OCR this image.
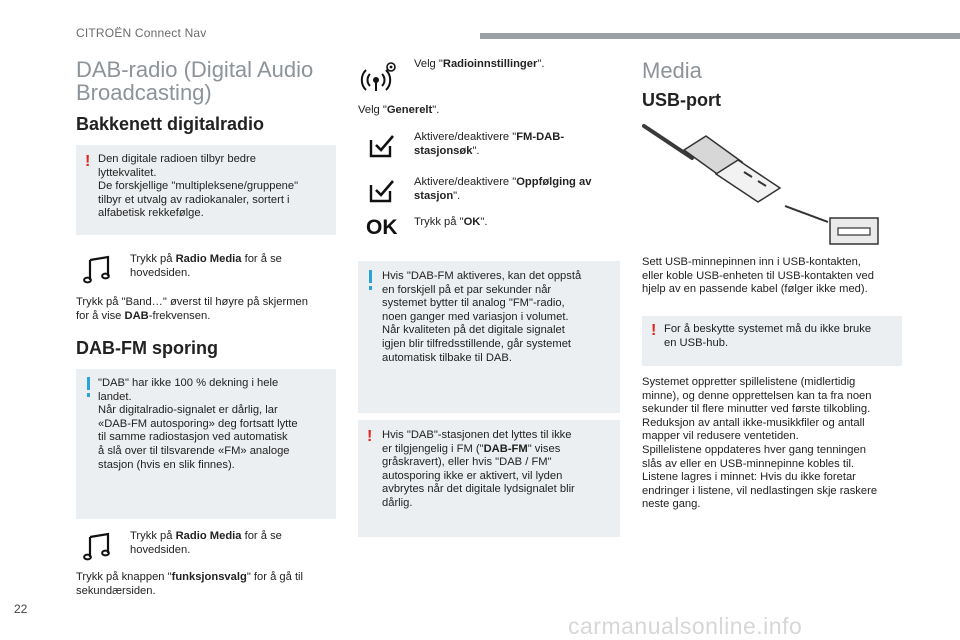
CITROËN Connect Nav
DAB-radio (Digital Audio
Broadcasting)
Bakkenett digitalradio
! Den digitale radioen tilbyr bedre
lyttekvalitet.
De forskjellige "multipleksene/gruppene"
tilbyr et utvalg av radiokanaler, sortert i
alfabetisk rekkefølge.
Trykk på Radio Media for å se
hovedsiden.
Trykk på "Band…" øverst til høyre på skjermen
for å vise DAB-frekvensen.
DAB-FM sporing
"DAB" har ikke 100 % dekning i hele
landet.
Når digitalradio-signalet er dårlig, lar
«DAB-FM autosporing» deg fortsatt lytte
til samme radiostasjon ved automatisk
å slå over til tilsvarende «FM» analoge
stasjon (hvis en slik finnes).
Trykk på Radio Media for å se
hovedsiden.
Trykk på knappen "funksjonsvalg" for å gå til
sekundærsiden.
Velg "Radioinnstillinger".
Velg "Generelt".
Aktivere/deaktivere "FM-DAB-
stasjonsøk".
Aktivere/deaktivere "Oppfølging av
stasjon".
OK Trykk på "OK".
Hvis "DAB-FM aktiveres, kan det oppstå
en forskjell på et par sekunder når
systemet bytter til analog "FM"-radio,
noen ganger med variasjon i volumet.
Når kvaliteten på det digitale signalet
igjen blir tilfredsstillende, går systemet
automatisk tilbake til DAB.
! Hvis "DAB"-stasjonen det lyttes til ikke
er tilgjengelig i FM ("DAB-FM" vises
gråskravert), eller hvis "DAB / FM"
autosporing ikke er aktivert, vil lyden
avbrytes når det digitale lydsignalet blir
dårlig.
Media
USB-port
Sett USB-minnepinnen inn i USB-kontakten,
eller koble USB-enheten til USB-kontakten ved
hjelp av en passende kabel (følger ikke med).
! For å beskytte systemet må du ikke bruke
en USB-hub.
Systemet oppretter spillelistene (midlertidig
minne), og denne opprettelsen kan ta fra noen
sekunder til flere minutter ved første tilkobling.
Reduksjon av antall ikke-musikkfiler og antall
mapper vil redusere ventetiden.
Spillelistene oppdateres hver gang tenningen
slås av eller en USB-minnepinne kobles til.
Listene lagres i minnet: Hvis du ikke foretar
endringer i listene, vil nedlastingen skje raskere
neste gang.
22
carmanualsonline.info
